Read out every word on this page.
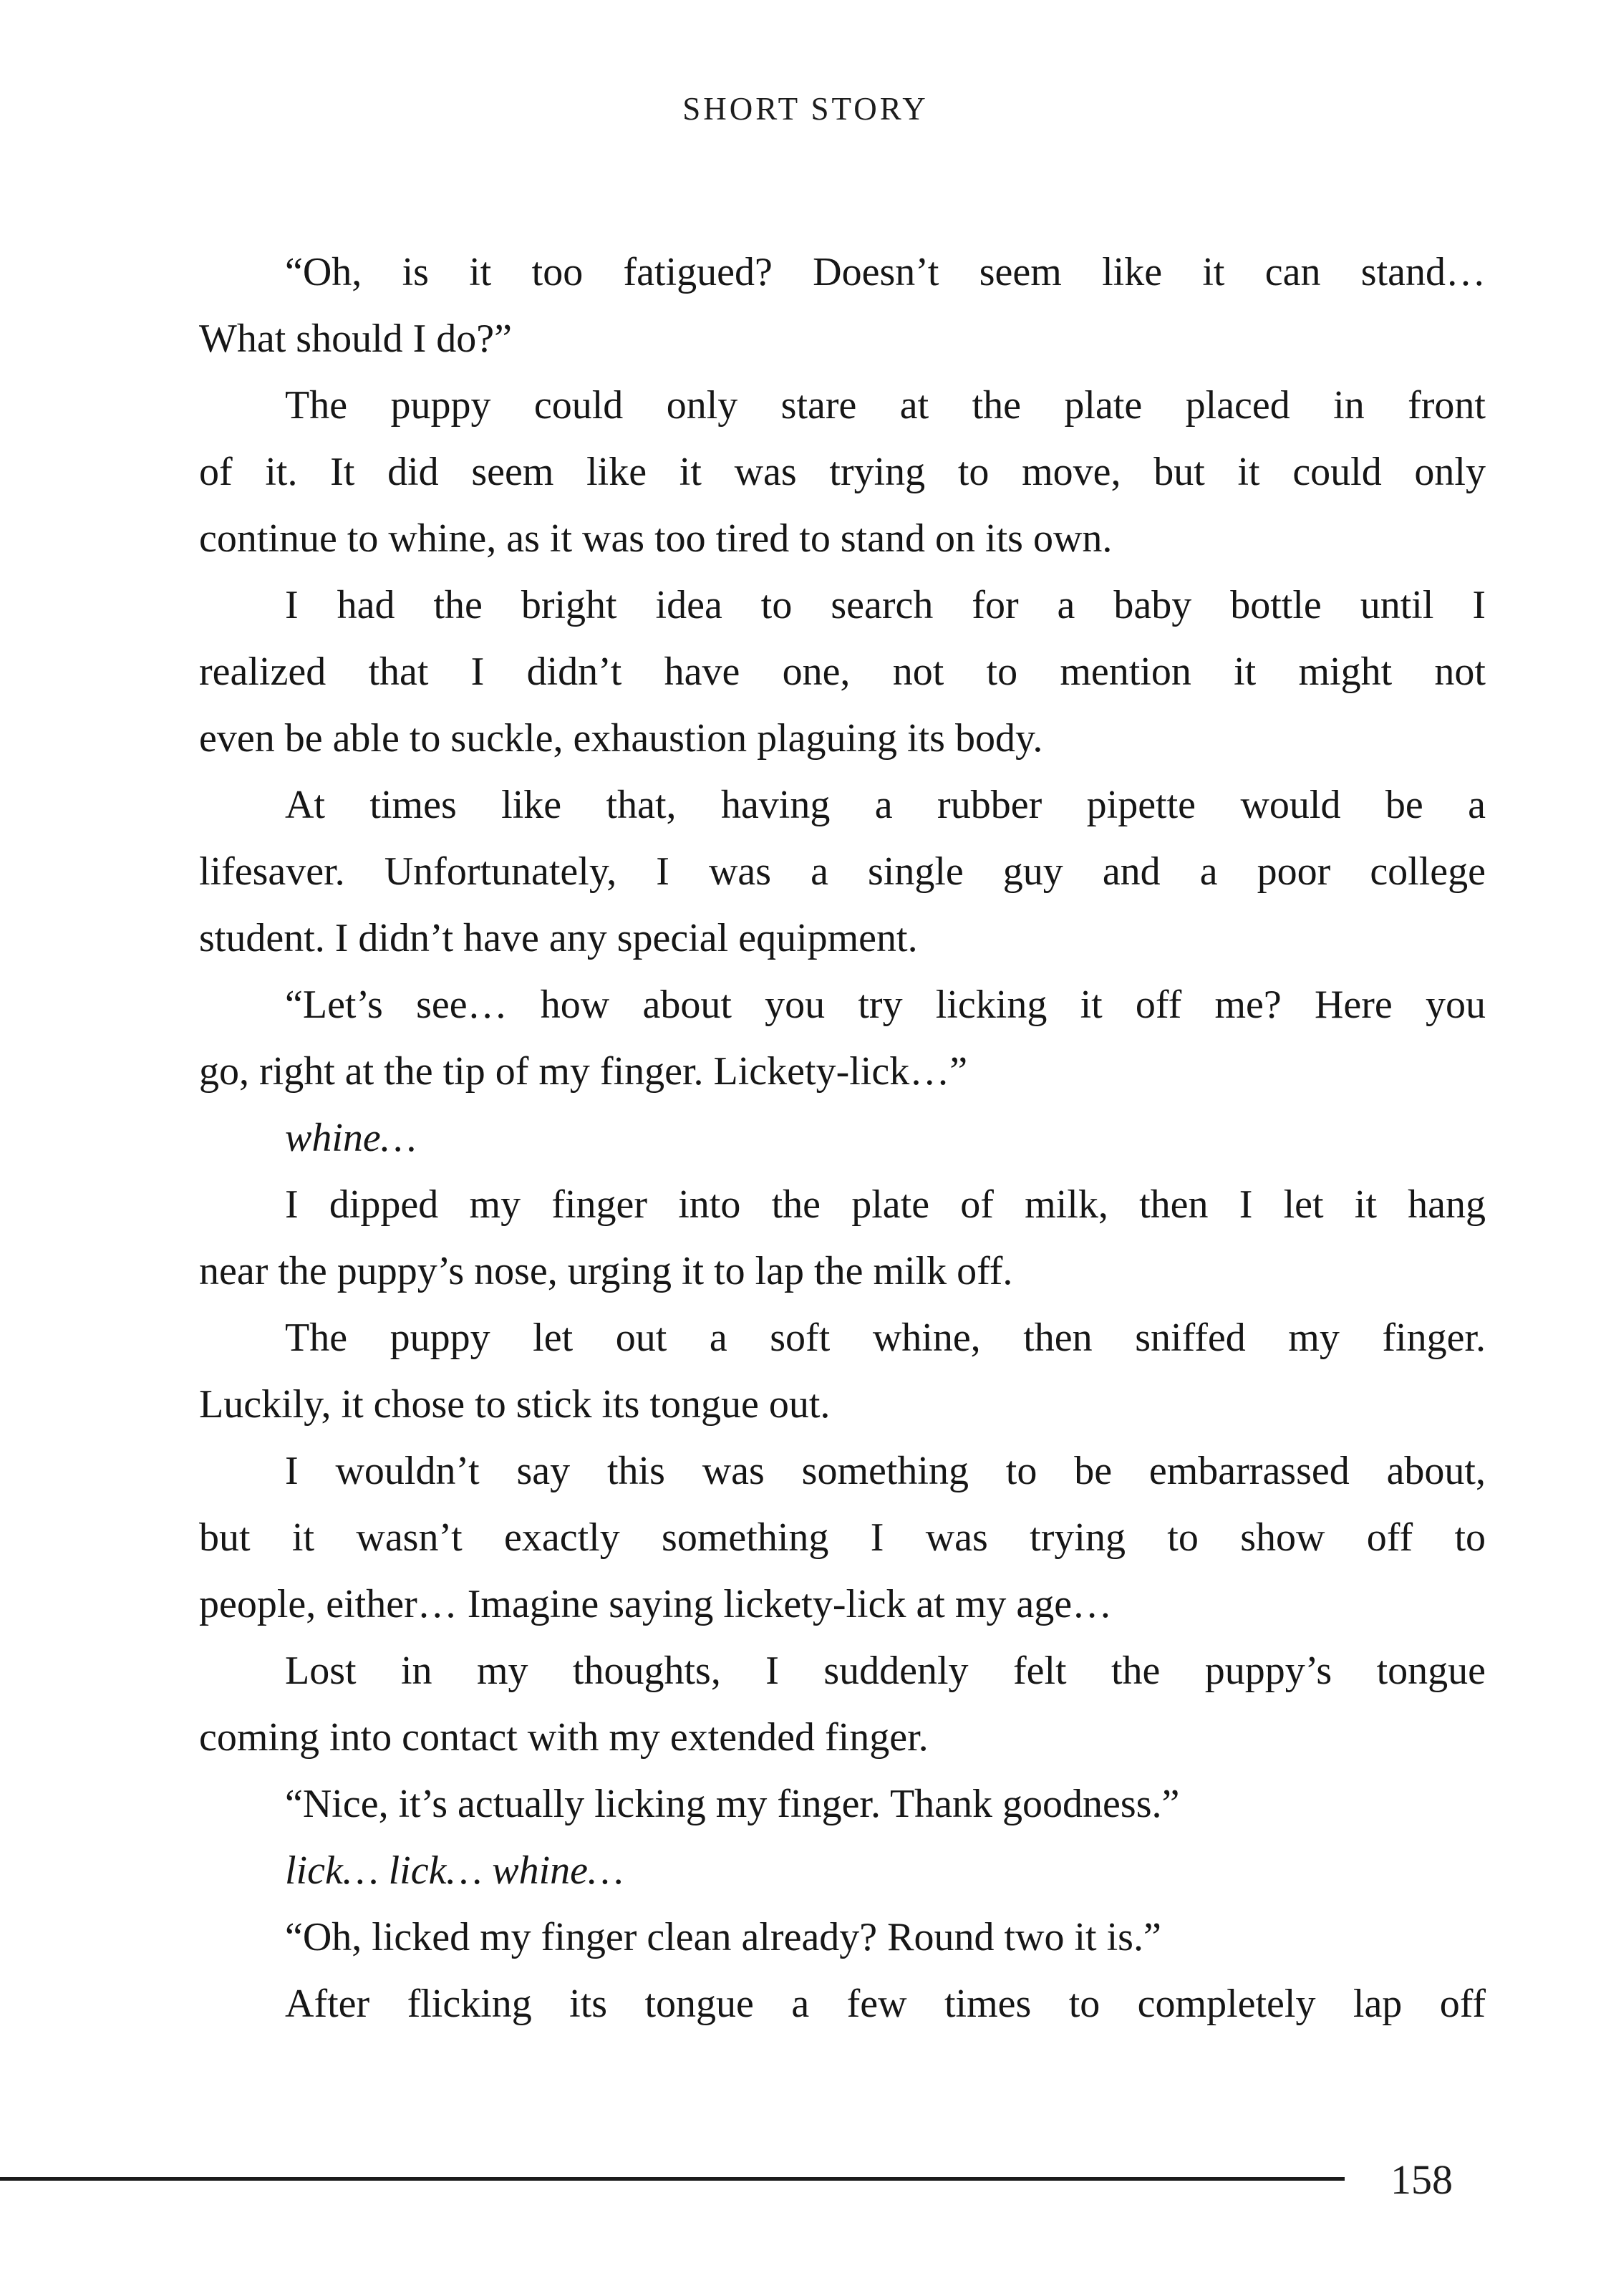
SHORT STORY
“Oh, is it too fatigued? Doesn’t seem like it can stand…
What should I do?”
The puppy could only stare at the plate placed in front
of it. It did seem like it was trying to move, but it could only
continue to whine, as it was too tired to stand on its own.
I had the bright idea to search for a baby bottle until I
realized that I didn’t have one, not to mention it might not
even be able to suckle, exhaustion plaguing its body.
At times like that, having a rubber pipette would be a
lifesaver. Unfortunately, I was a single guy and a poor college
student. I didn’t have any special equipment.
“Let’s see… how about you try licking it off me? Here you
go, right at the tip of my finger. Lickety-lick…”
whine…
I dipped my finger into the plate of milk, then I let it hang
near the puppy’s nose, urging it to lap the milk off.
The puppy let out a soft whine, then sniffed my finger.
Luckily, it chose to stick its tongue out.
I wouldn’t say this was something to be embarrassed about,
but it wasn’t exactly something I was trying to show off to
people, either… Imagine saying lickety-lick at my age…
Lost in my thoughts, I suddenly felt the puppy’s tongue
coming into contact with my extended finger.
“Nice, it’s actually licking my finger. Thank goodness.”
lick… lick… whine…
“Oh, licked my finger clean already? Round two it is.”
After flicking its tongue a few times to completely lap off
158
